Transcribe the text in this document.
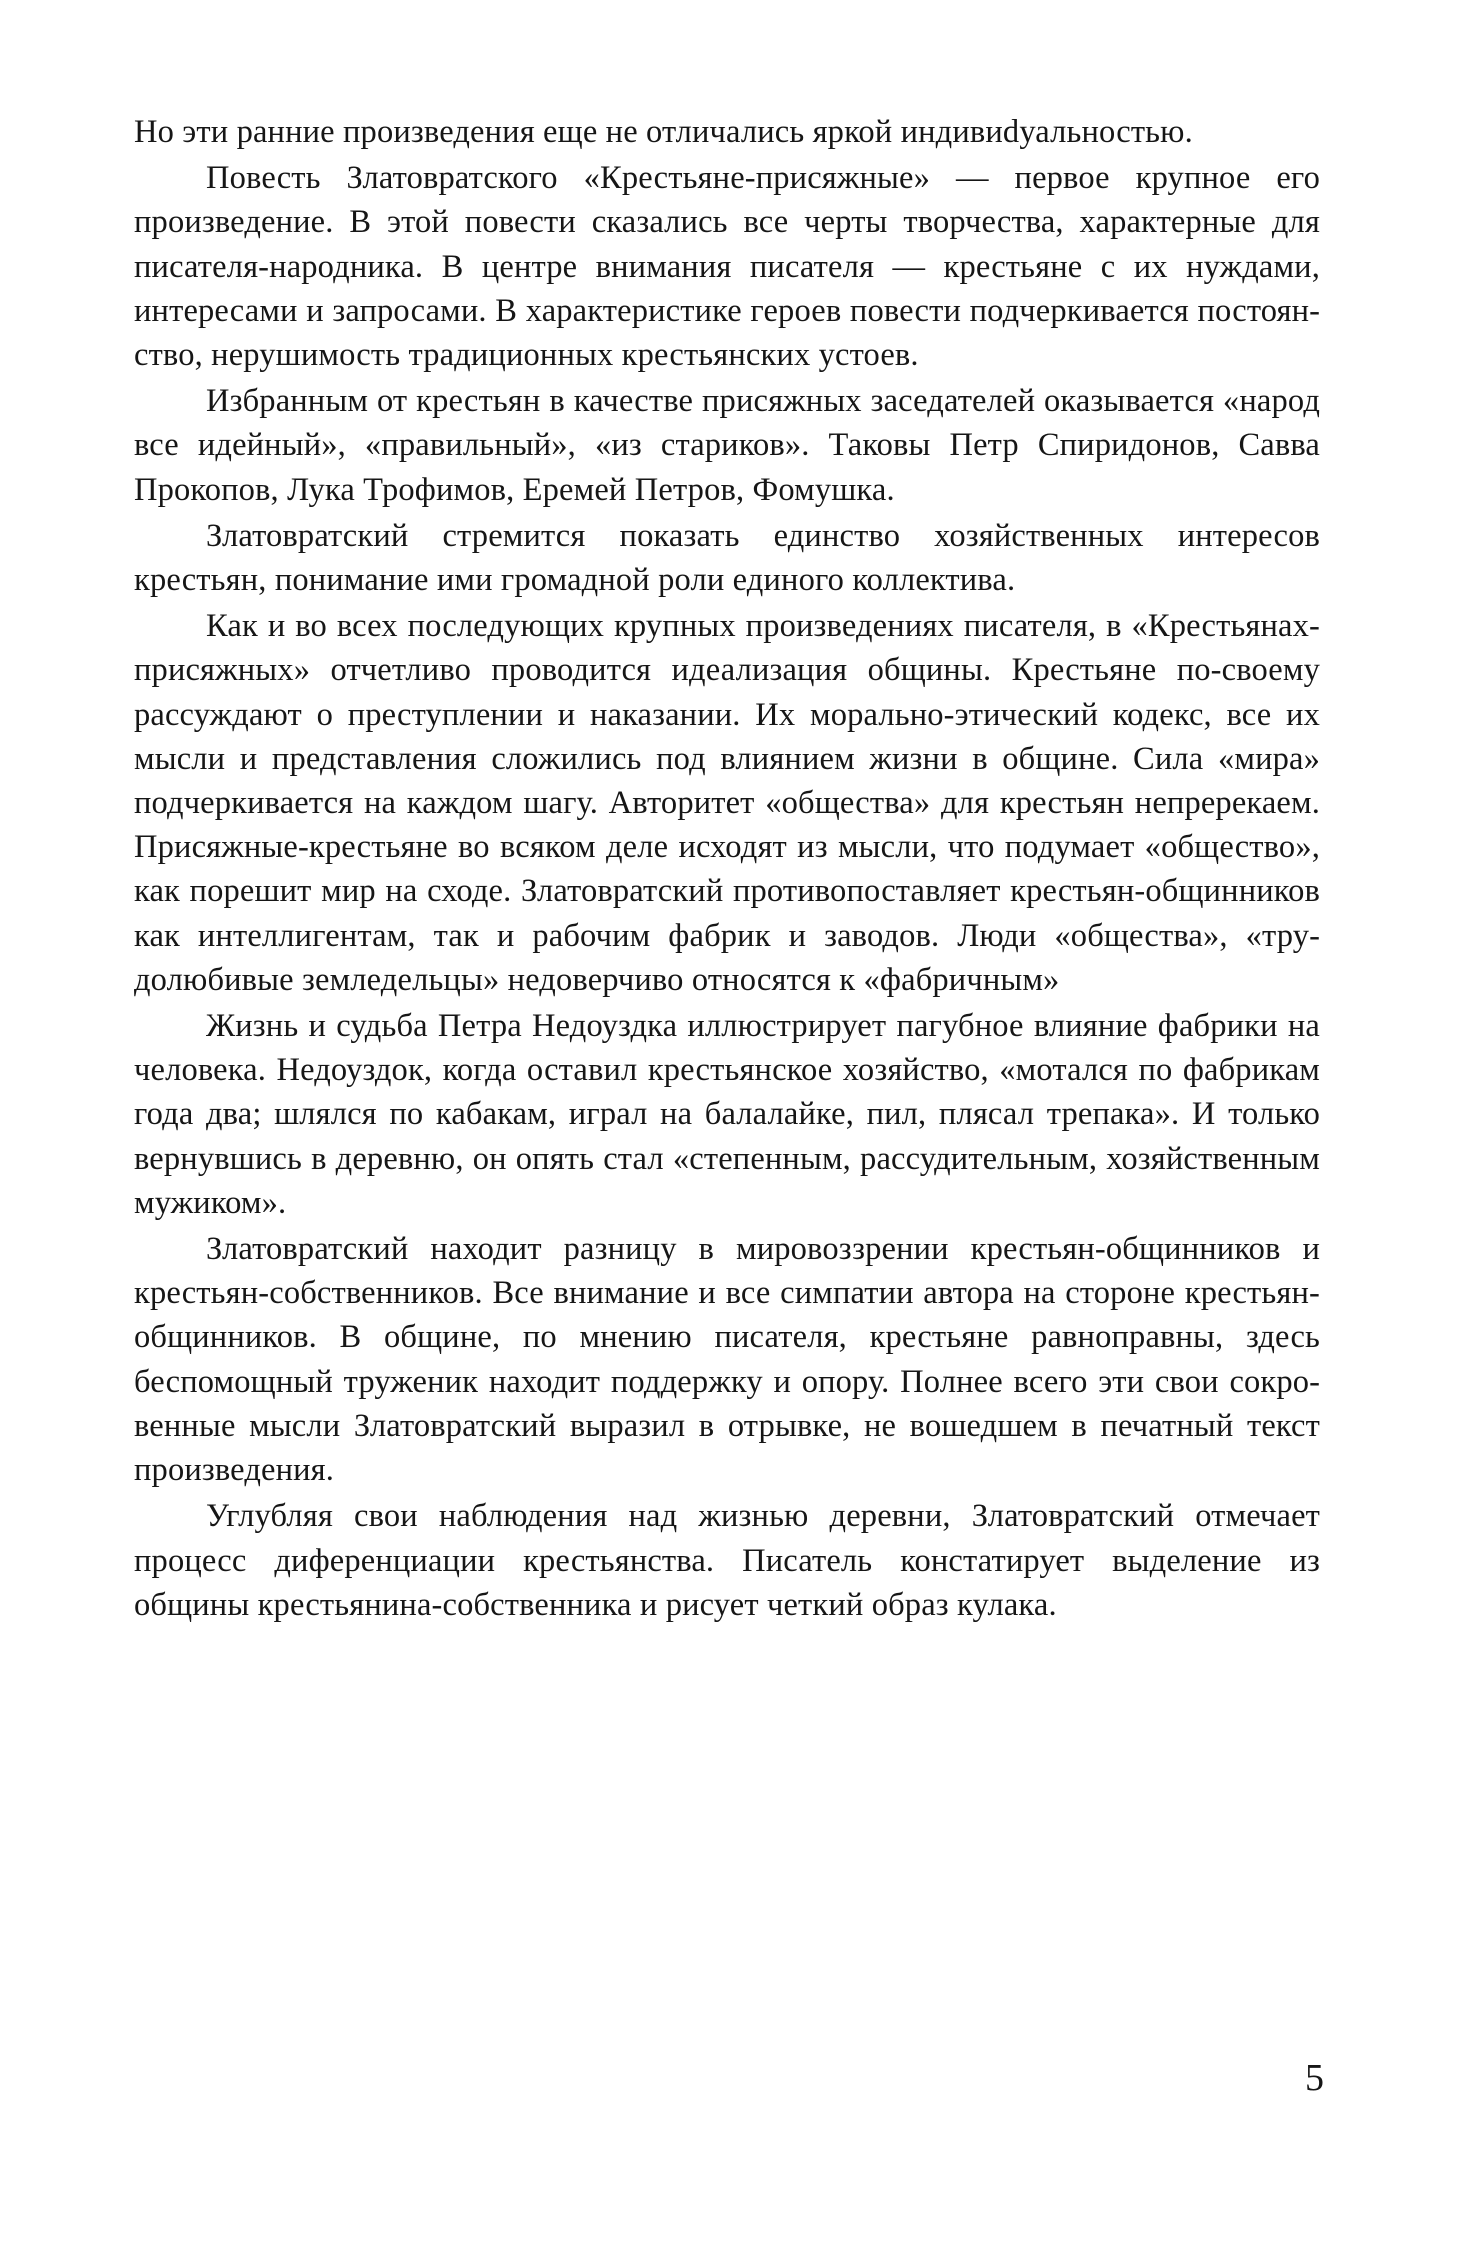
Но эти ранние произведения еще не отличались яркой индивиdуальностью.

Повесть Златовратского «Крестьяне-присяжные» — первое крупное его произведение. В этой повести сказались все черты творчества, характерные для писателя-народника. В центре внимания писателя — крестьяне с их нуждами, интересами и запросами. В характеристике героев повести подчеркивается постоянство, нерушимость традиционных крестьянских устоев.

Избранным от крестьян в качестве присяжных заседателей оказывается «народ все идейный», «правильный», «из стариков». Таковы Петр Спиридонов, Савва Прокопов, Лука Трофимов, Еремей Петров, Фомушка.

Златовратский стремится показать единство хозяйственных интересов крестьян, понимание ими громадной роли единого коллектива.

Как и во всех последующих крупных произведениях писателя, в «Крестьянах-присяжных» отчетливо проводится идеализация общины. Крестьяне по-своему рассуждают о преступлении и наказании. Их морально-этический кодекс, все их мысли и представления сложились под влиянием жизни в общине. Сила «мира» подчеркивается на каждом шагу. Авторитет «общества» для крестьян непререкаем. Присяжные-крестьяне во всяком деле исходят из мысли, что подумает «общество», как порешит мир на сходе. Златовратский противопоставляет крестьян-общинников как интеллигентам, так и рабочим фабрик и заводов. Люди «общества», «трудолюбивые земледельцы» недоверчиво относятся к «фабричным»

Жизнь и судьба Петра Недоуздка иллюстрирует пагубное влияние фабрики на человека. Недоуздок, когда оставил крестьянское хозяйство, «мотался по фабрикам года два; шлялся по кабакам, играл на балалайке, пил, плясал трепака». И только вернувшись в деревню, он опять стал «степенным, рассудительным, хозяйственным мужиком».

Златовратский находит разницу в мировоззрении крестьян-общинников и крестьян-собственников. Все внимание и все симпатии автора на стороне крестьян-общинников. В общине, по мнению писателя, крестьяне равноправны, здесь беспомощный труженик находит поддержку и опору. Полнее всего эти свои сокровенные мысли Златовратский выразил в отрывке, не вошедшем в печатный текст произведения.

Углубляя свои наблюдения над жизнью деревни, Златовратский отмечает процесс диференциации крестьянства. Писатель констатирует выделение из общины крестьянина-собственника и рисует четкий образ кулака.

5
